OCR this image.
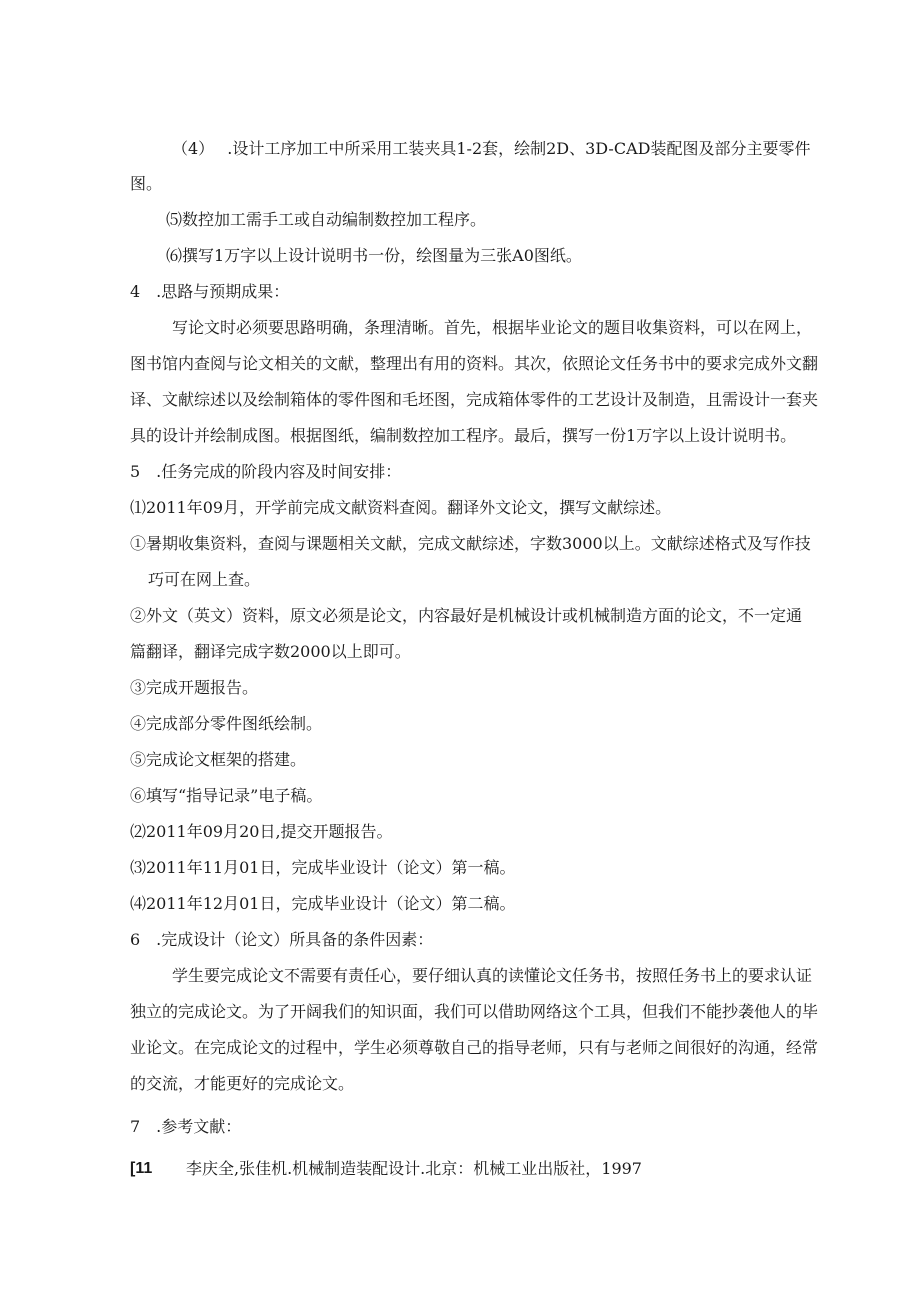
（4）　 .设计工序加工中所采用工装夹具1-2套，绘制2D、3D-CAD装配图及部分主要零件
图。
⑸数控加工需手工或自动编制数控加工程序。
⑹撰写1万字以上设计说明书一份，绘图量为三张A0图纸。
4　.思路与预期成果：
写论文时必须要思路明确，条理清晰。首先，根据毕业论文的题目收集资料，可以在网上，
图书馆内查阅与论文相关的文献，整理出有用的资料。其次，依照论文任务书中的要求完成外文翻
译、文献综述以及绘制箱体的零件图和毛坯图，完成箱体零件的工艺设计及制造，且需设计一套夹
具的设计并绘制成图。根据图纸，编制数控加工程序。最后，撰写一份1万字以上设计说明书。
5　.任务完成的阶段内容及时间安排：
⑴2011年09月，开学前完成文献资料查阅。翻译外文论文，撰写文献综述。
①暑期收集资料，查阅与课题相关文献，完成文献综述，字数3000以上。文献综述格式及写作技
巧可在网上查。
②外文（英文）资料，原文必须是论文，内容最好是机械设计或机械制造方面的论文，不一定通
篇翻译，翻译完成字数2000以上即可。
③完成开题报告。
④完成部分零件图纸绘制。
⑤完成论文框架的搭建。
⑥填写“指导记录”电子稿。
⑵2011年09月20日,提交开题报告。
⑶2011年11月01日，完成毕业设计（论文）第一稿。
⑷2011年12月01日，完成毕业设计（论文）第二稿。
6　.完成设计（论文）所具备的条件因素：
学生要完成论文不需要有责任心，要仔细认真的读懂论文任务书，按照任务书上的要求认证
独立的完成论文。为了开阔我们的知识面，我们可以借助网络这个工具，但我们不能抄袭他人的毕
业论文。在完成论文的过程中，学生必须尊敬自己的指导老师，只有与老师之间很好的沟通，经常
的交流，才能更好的完成论文。
7　.参考文献：
[11 李庆全,张佳机.机械制造装配设计.北京：机械工业出版社，1997
